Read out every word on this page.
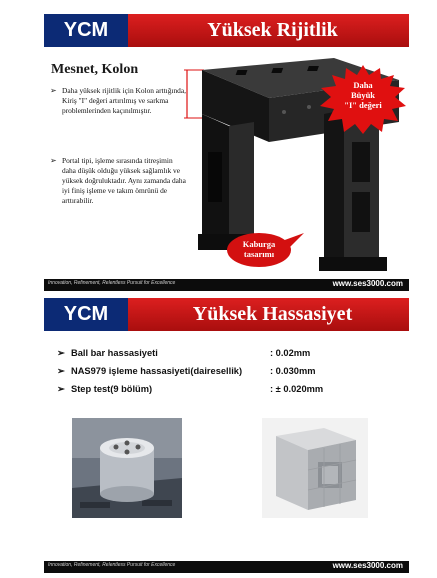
YCM	Yüksek Rijitlik
Mesnet, Kolon
➢ Daha yüksek rijitlik için Kolon arttığında, Kiriş "I" değeri artırılmış ve sarkma problemlerinden kaçınılmıştır.
➢ Portal tipi, işleme sırasında titreşimin daha düşük olduğu yüksek sağlamlık ve yüksek doğruluktadır. Aynı zamanda daha iyi finiş işleme ve takım ömrünü de arttırabilir.
Daha
Büyük
"I" değeri
Kaburga
tasarımı
Innovation, Refinement, Relentless Pursuit for Excellence	www.ses3000.com
YCM	Yüksek Hassasiyet
➢ Ball bar hassasiyeti	: 0.02mm
➢ NAS979 işleme hassasiyeti(dairesellik)	: 0.030mm
➢ Step test(9 bölüm)	: ± 0.020mm
Innovation, Refinement, Relentless Pursuit for Excellence	www.ses3000.com
